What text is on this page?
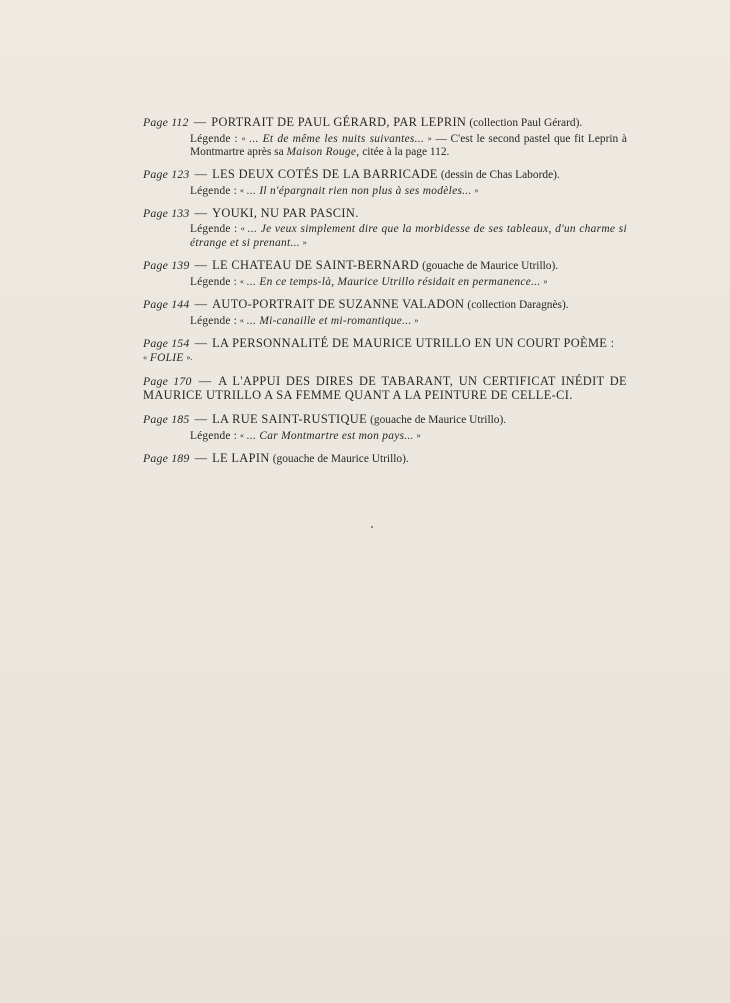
Page 112 — PORTRAIT DE PAUL GÉRARD, PAR LEPRIN (collection Paul Gérard).
Légende : « ... Et de même les nuits suivantes... » — C'est le second pastel que fit Leprin à Montmartre après sa Maison Rouge, citée à la page 112.
Page 123 — LES DEUX COTÉS DE LA BARRICADE (dessin de Chas Laborde).
Légende : « ... Il n'épargnait rien non plus à ses modèles... »
Page 133 — YOUKI, NU PAR PASCIN.
Légende : « ... Je veux simplement dire que la morbidesse de ses tableaux, d'un charme si étrange et si prenant... »
Page 139 — LE CHATEAU DE SAINT-BERNARD (gouache de Maurice Utrillo).
Légende : « ... En ce temps-là, Maurice Utrillo résidait en permanence... »
Page 144 — AUTO-PORTRAIT DE SUZANNE VALADON (collection Daragnès).
Légende : « ... Mi-canaille et mi-romantique... »
Page 154 — LA PERSONNALITÉ DE MAURICE UTRILLO EN UN COURT POÈME :
« FOLIE ».
Page 170 — A L'APPUI DES DIRES DE TABARANT, UN CERTIFICAT INÉDIT DE MAURICE UTRILLO A SA FEMME QUANT A LA PEINTURE DE CELLE-CI.
Page 185 — LA RUE SAINT-RUSTIQUE (gouache de Maurice Utrillo).
Légende : « ... Car Montmartre est mon pays... »
Page 189 — LE LAPIN (gouache de Maurice Utrillo).
